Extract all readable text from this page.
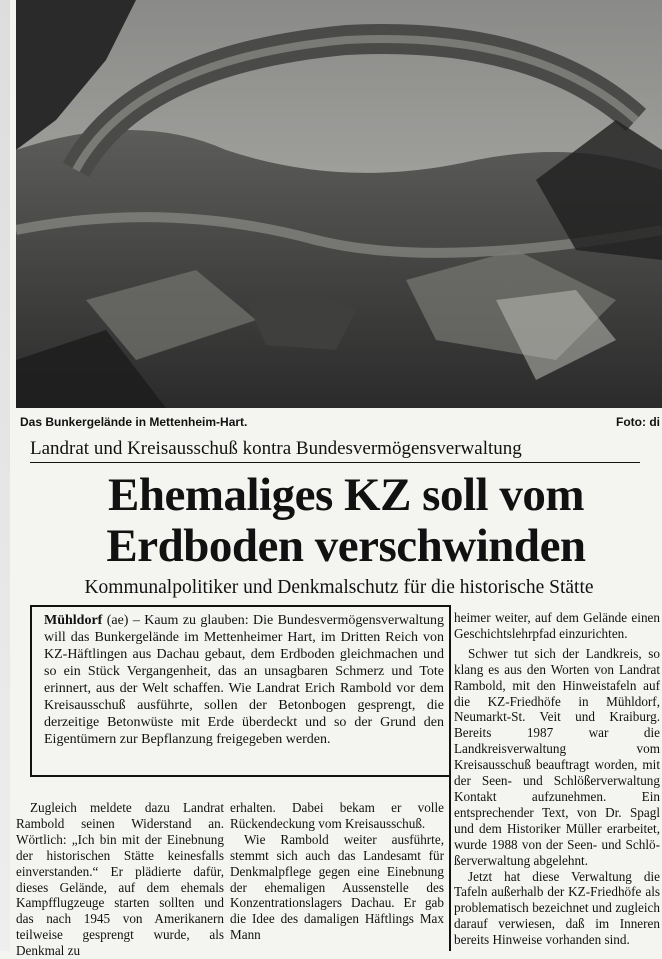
Das Bunkergelände in Mettenheim-Hart.	Foto: di
Landrat und Kreisausschuß kontra Bundesvermögensverwaltung
Ehemaliges KZ soll vom
Erdboden verschwinden
Kommunalpolitiker und Denkmalschutz für die historische Stätte
Mühldorf (ae) – Kaum zu glauben: Die Bundesvermögensverwaltung will das Bunkergelände im Mettenheimer Hart, im Dritten Reich von KZ-Häftlingen aus Dachau gebaut, dem Erdboden gleichmachen und so ein Stück Vergangenheit, das an unsagbaren Schmerz und Tote erinnert, aus der Welt schaffen. Wie Landrat Erich Rambold vor dem Kreisausschuß ausführte, sollen der Betonbogen gesprengt, die derzeitige Betonwüste mit Erde überdeckt und so der Grund den Eigentümern zur Bepflanzung freigegeben werden.

Zugleich meldete dazu Landrat Rambold seinen Widerstand an. Wörtlich: „Ich bin mit der Einebnung der historischen Stätte keinesfalls einverstanden.“ Er plädierte dafür, dieses Gelände, auf dem ehemals Kampfflugzeuge starten sollten und das nach 1945 von Amerikanern teilweise gesprengt wurde, als Denkmal zu

erhalten. Dabei bekam er volle Rückendeckung vom Kreisausschuß.

Wie Rambold weiter ausführte, stemmt sich auch das Landesamt für Denkmalpflege gegen eine Einebnung der ehemaligen Aussenstelle des Konzentrationslagers Dachau. Er gab die Idee des damaligen Häftlings Max Mann

heimer weiter, auf dem Gelände einen Geschichtslehrpfad einzurichten.

Schwer tut sich der Landkreis, so klang es aus den Worten von Landrat Rambold, mit den Hinweistafeln auf die KZ-Friedhöfe in Mühldorf, Neumarkt-St. Veit und Kraiburg. Bereits 1987 war die Landkreisverwaltung vom Kreisausschuß beauftragt worden, mit der Seen- und Schlößerverwaltung Kontakt aufzunehmen. Ein entsprechender Text, von Dr. Spagl und dem Historiker Müller erarbeitet, wurde 1988 von der Seen- und Schlößerverwaltung abgelehnt.

Jetzt hat diese Verwaltung die Tafeln außerhalb der KZ-Friedhöfe als problematisch bezeichnet und zugleich darauf verwiesen, daß im Inneren bereits Hinweise vorhanden sind.
